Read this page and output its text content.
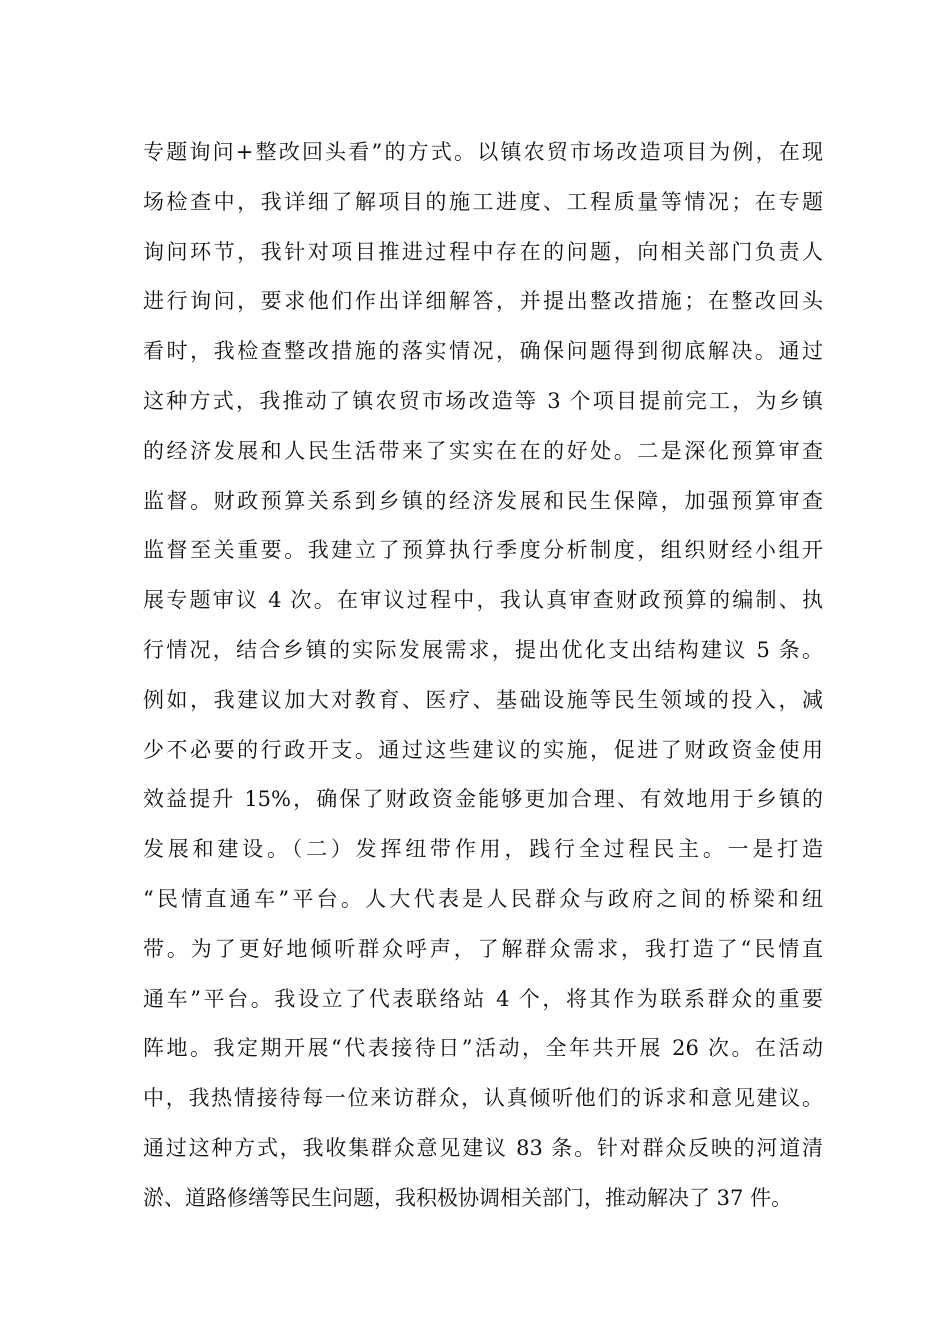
专题询问+整改回头看”的方式。以镇农贸市场改造项目为例，在现
场检查中，我详细了解项目的施工进度、工程质量等情况；在专题
询问环节，我针对项目推进过程中存在的问题，向相关部门负责人
进行询问，要求他们作出详细解答，并提出整改措施；在整改回头
看时，我检查整改措施的落实情况，确保问题得到彻底解决。通过
这种方式，我推动了镇农贸市场改造等 3 个项目提前完工，为乡镇
的经济发展和人民生活带来了实实在在的好处。二是深化预算审查
监督。财政预算关系到乡镇的经济发展和民生保障，加强预算审查
监督至关重要。我建立了预算执行季度分析制度，组织财经小组开
展专题审议 4 次。在审议过程中，我认真审查财政预算的编制、执
行情况，结合乡镇的实际发展需求，提出优化支出结构建议 5 条。
例如，我建议加大对教育、医疗、基础设施等民生领域的投入，减
少不必要的行政开支。通过这些建议的实施，促进了财政资金使用
效益提升 15%，确保了财政资金能够更加合理、有效地用于乡镇的
发展和建设。（二）发挥纽带作用，践行全过程民主。一是打造
“民情直通车”平台。人大代表是人民群众与政府之间的桥梁和纽
带。为了更好地倾听群众呼声，了解群众需求，我打造了“民情直
通车”平台。我设立了代表联络站 4 个，将其作为联系群众的重要
阵地。我定期开展“代表接待日”活动，全年共开展 26 次。在活动
中，我热情接待每一位来访群众，认真倾听他们的诉求和意见建议。
通过这种方式，我收集群众意见建议 83 条。针对群众反映的河道清
淤、道路修缮等民生问题，我积极协调相关部门，推动解决了 37 件。
